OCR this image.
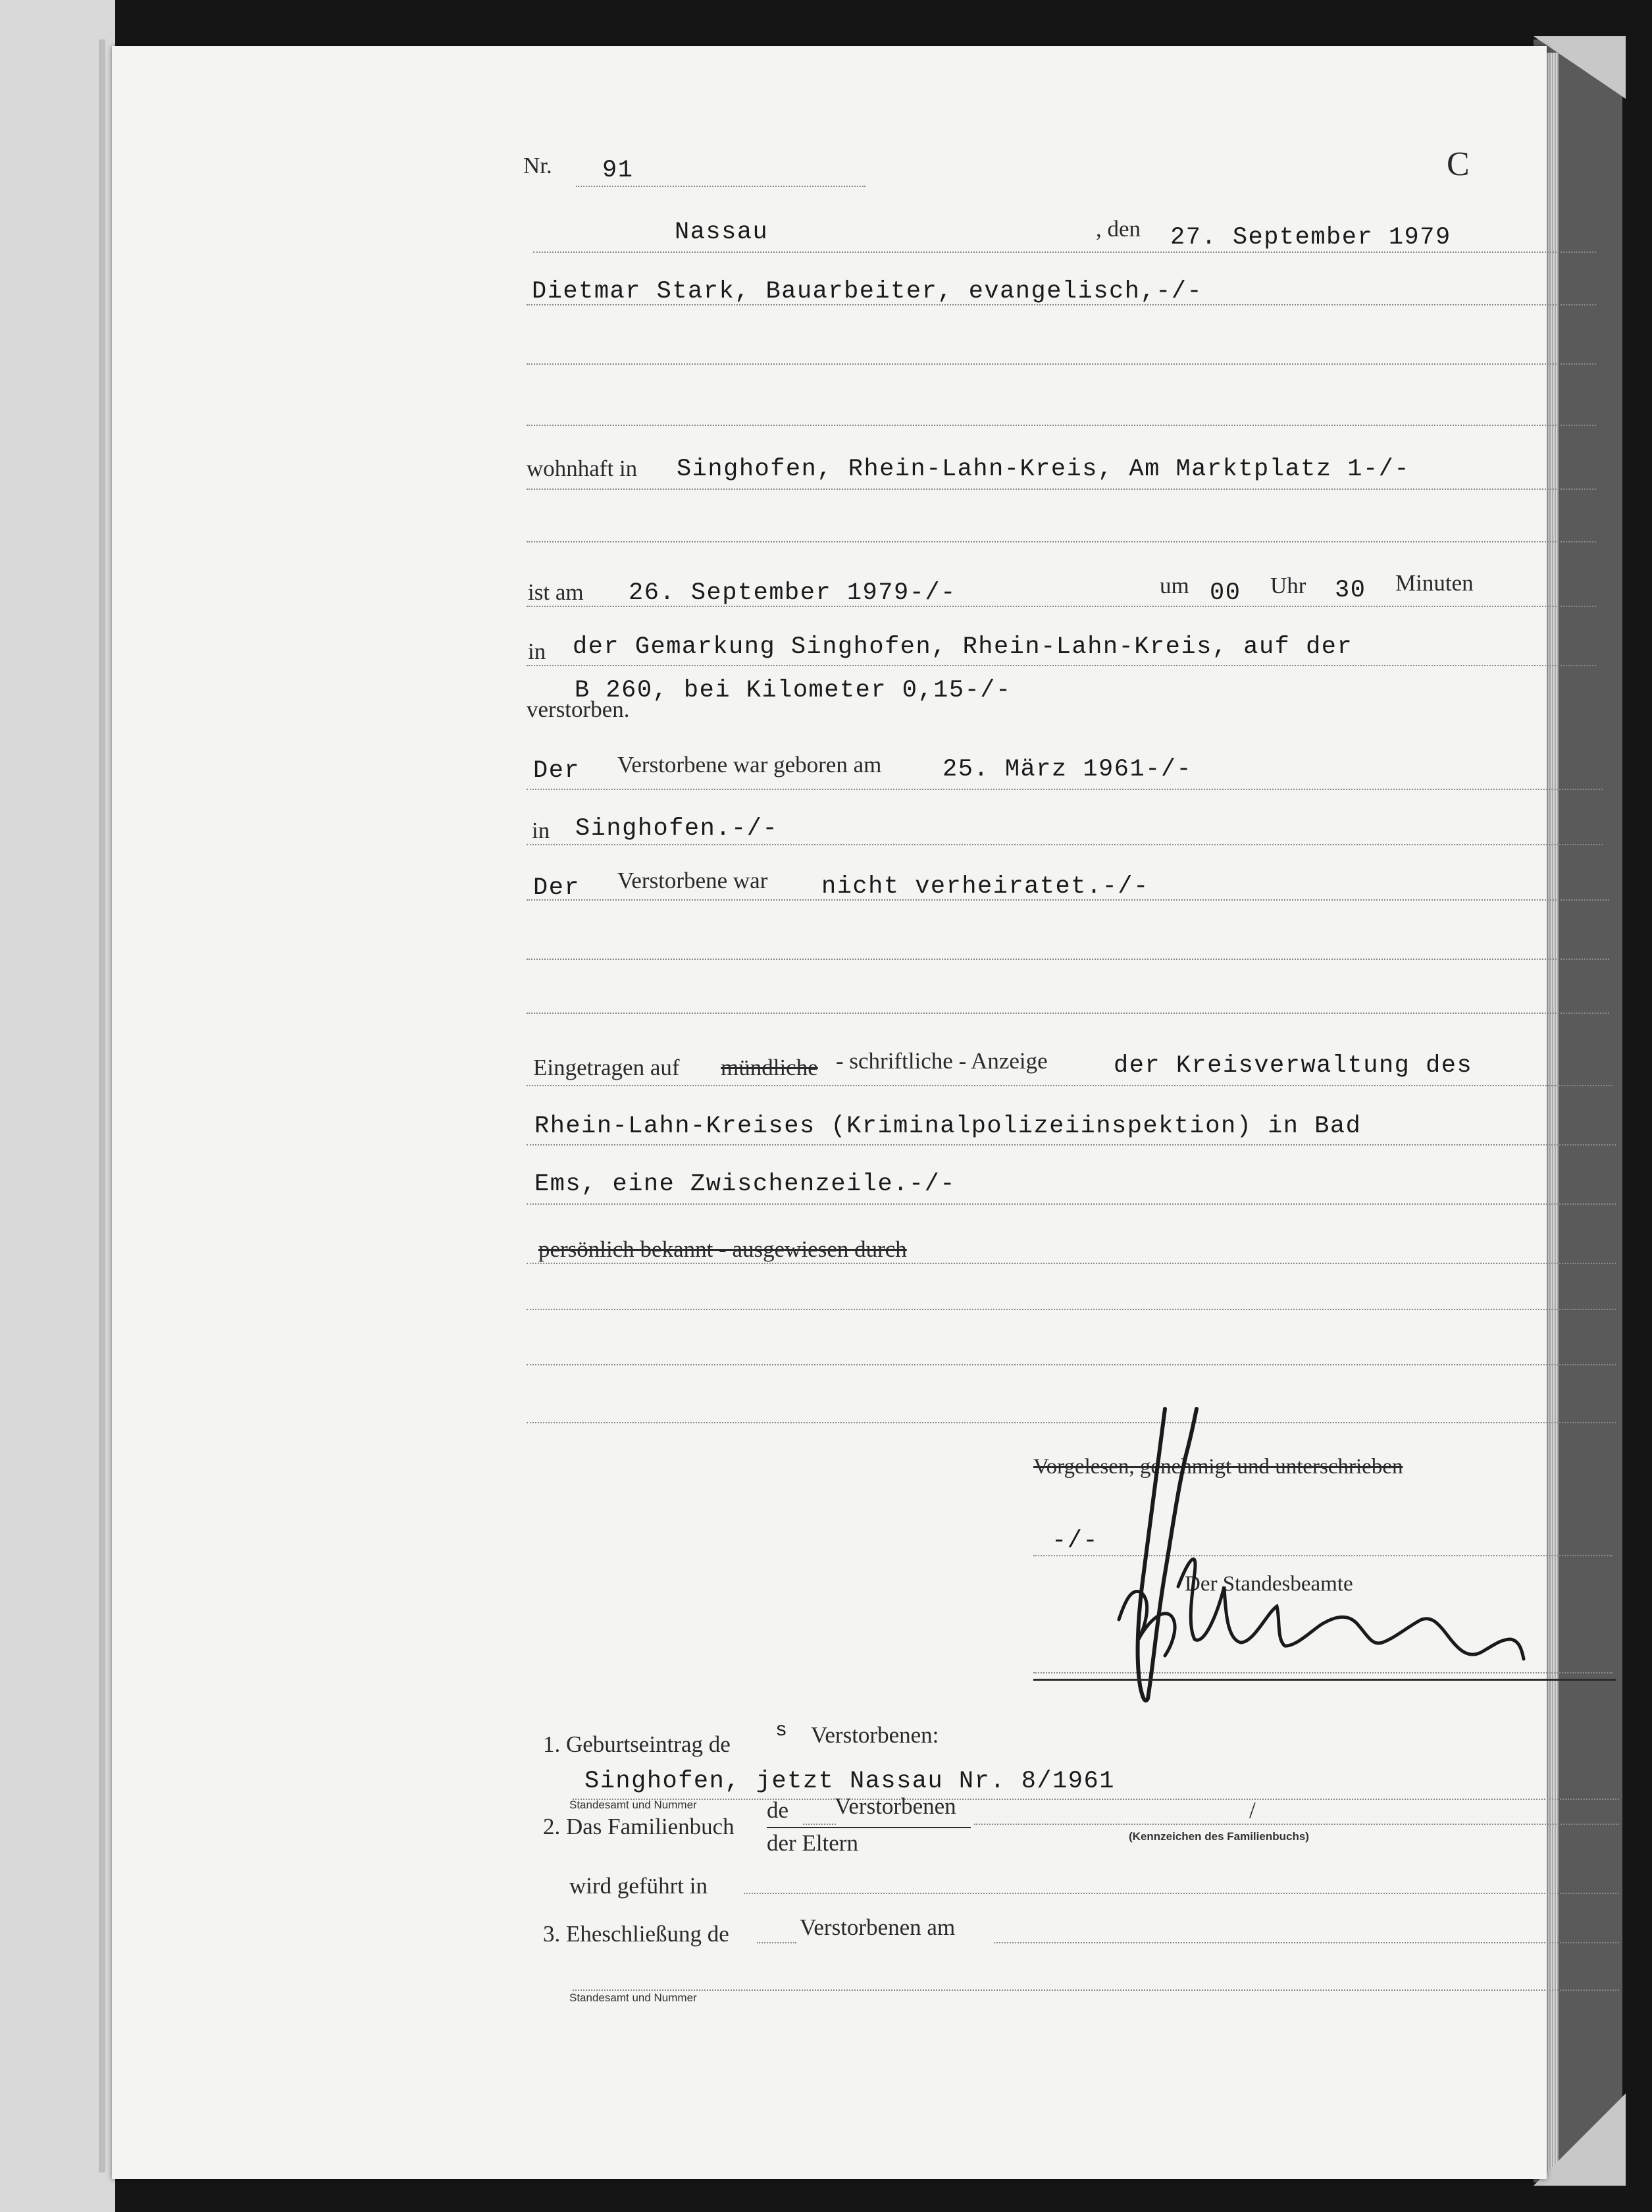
Nr. 91	C
Nassau	, den 27. September 1979
Dietmar Stark, Bauarbeiter, evangelisch,-/-
wohnhaft in Singhofen, Rhein-Lahn-Kreis, Am Marktplatz 1-/-
ist am 26. September 1979-/-	um 00 Uhr 30 Minuten
in der Gemarkung Singhofen, Rhein-Lahn-Kreis, auf der
B 260, bei Kilometer 0,15-/-
verstorben.
Der Verstorbene war geboren am	25. März 1961-/-
in Singhofen.-/-
Der Verstorbene war nicht verheiratet.-/-
Eingetragen auf mündliche - schriftliche - Anzeige	der Kreisverwaltung des
Rhein-Lahn-Kreises (Kriminalpolizeiinspektion) in Bad
Ems, eine Zwischenzeile.-/-
persönlich bekannt - ausgewiesen durch
Vorgelesen, genehmigt und unterschrieben
-/-
Der Standesbeamte
1. Geburtseintrag de
s Verstorbenen:
Singhofen, jetzt Nassau Nr. 8/1961
Standesamt und Nummer
2. Das Familienbuch
de Verstorbenen
der Eltern
/
(Kennzeichen des Familienbuchs)
wird geführt in
3. Eheschließung de	Verstorbenen am
Standesamt und Nummer
